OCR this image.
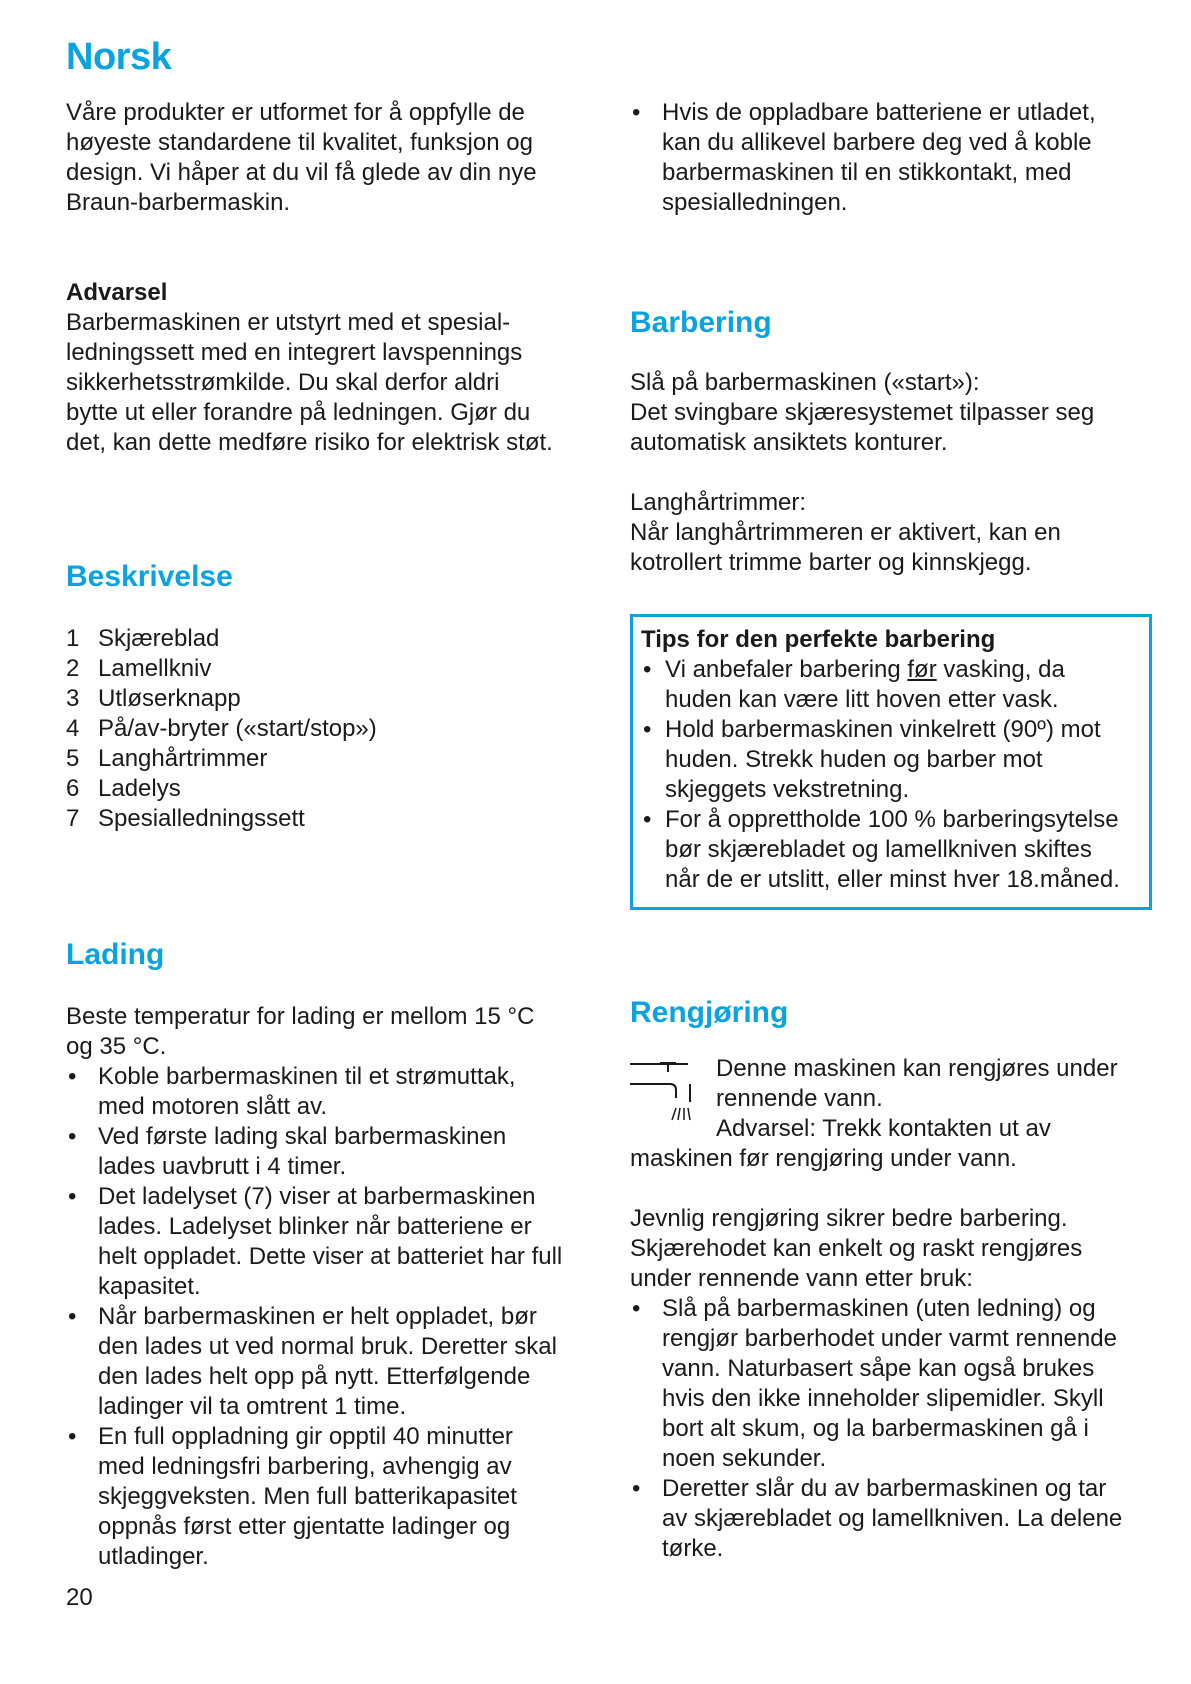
Norsk
Våre produkter er utformet for å oppfylle de
høyeste standardene til kvalitet, funksjon og
design. Vi håper at du vil få glede av din nye
Braun-barbermaskin.
Advarsel
Barbermaskinen er utstyrt med et spesial-
ledningssett med en integrert lavspennings
sikkerhetsstrømkilde. Du skal derfor aldri
bytte ut eller forandre på ledningen. Gjør du
det, kan dette medføre risiko for elektrisk støt.
Beskrivelse
1 Skjæreblad
2 Lamellkniv
3 Utløserknapp
4 På/av-bryter («start/stop»)
5 Langhårtrimmer
6 Ladelys
7 Spesialledningssett
Lading
Beste temperatur for lading er mellom 15 °C
og 35 °C.
• Koble barbermaskinen til et strømuttak,
med motoren slått av.
• Ved første lading skal barbermaskinen
lades uavbrutt i 4 timer.
• Det ladelyset (7) viser at barbermaskinen
lades. Ladelyset blinker når batteriene er
helt oppladet. Dette viser at batteriet har full
kapasitet.
• Når barbermaskinen er helt oppladet, bør
den lades ut ved normal bruk. Deretter skal
den lades helt opp på nytt. Etterfølgende
ladinger vil ta omtrent 1 time.
• En full oppladning gir opptil 40 minutter
med ledningsfri barbering, avhengig av
skjeggveksten. Men full batterikapasitet
oppnås først etter gjentatte ladinger og
utladinger.
• Hvis de oppladbare batteriene er utladet,
kan du allikevel barbere deg ved å koble
barbermaskinen til en stikkontakt, med
spesialledningen.
Barbering
Slå på barbermaskinen («start»):
Det svingbare skjæresystemet tilpasser seg
automatisk ansiktets konturer.
Langhårtrimmer:
Når langhårtrimmeren er aktivert, kan en
kotrollert trimme barter og kinnskjegg.
Tips for den perfekte barbering
• Vi anbefaler barbering før vasking, da
huden kan være litt hoven etter vask.
• Hold barbermaskinen vinkelrett (90º) mot
huden. Strekk huden og barber mot
skjeggets vekstretning.
• For å opprettholde 100 % barberingsytelse
bør skjærebladet og lamellkniven skiftes
når de er utslitt, eller minst hver 18.måned.
Rengjøring
Denne maskinen kan rengjøres under
rennende vann.
Advarsel: Trekk kontakten ut av
maskinen før rengjøring under vann.
Jevnlig rengjøring sikrer bedre barbering.
Skjærehodet kan enkelt og raskt rengjøres
under rennende vann etter bruk:
• Slå på barbermaskinen (uten ledning) og
rengjør barberhodet under varmt rennende
vann. Naturbasert såpe kan også brukes
hvis den ikke inneholder slipemidler. Skyll
bort alt skum, og la barbermaskinen gå i
noen sekunder.
• Deretter slår du av barbermaskinen og tar
av skjærebladet og lamellkniven. La delene
tørke.
20
